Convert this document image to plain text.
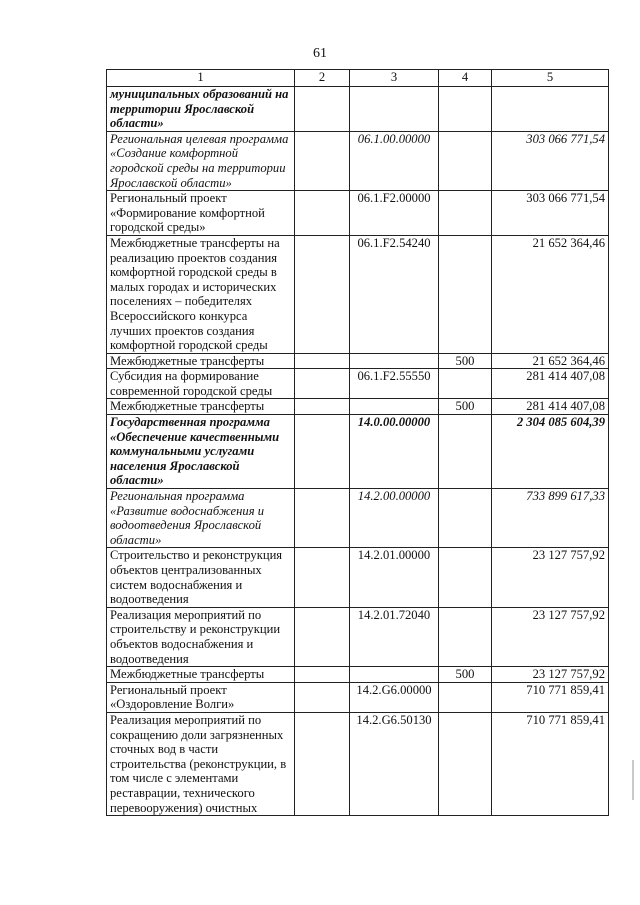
61
1	2	3	4	5
муниципальных образований на территории Ярославской области»				
Региональная целевая программа «Создание комфортной городской среды на территории Ярославской области»		06.1.00.00000		303 066 771,54
Региональный проект «Формирование комфортной городской среды»		06.1.F2.00000		303 066 771,54
Межбюджетные трансферты на реализацию проектов создания комфортной городской среды в малых городах и исторических поселениях – победителях Всероссийского конкурса лучших проектов создания комфортной городской среды		06.1.F2.54240		21 652 364,46
Межбюджетные трансферты			500	21 652 364,46
Субсидия на формирование современной городской среды		06.1.F2.55550		281 414 407,08
Межбюджетные трансферты			500	281 414 407,08
Государственная программа «Обеспечение качественными коммунальными услугами населения Ярославской области»		14.0.00.00000		2 304 085 604,39
Региональная программа «Развитие водоснабжения и водоотведения Ярославской области»		14.2.00.00000		733 899 617,33
Строительство и реконструкция объектов централизованных систем водоснабжения и водоотведения		14.2.01.00000		23 127 757,92
Реализация мероприятий по строительству и реконструкции объектов водоснабжения и водоотведения		14.2.01.72040		23 127 757,92
Межбюджетные трансферты			500	23 127 757,92
Региональный проект «Оздоровление Волги»		14.2.G6.00000		710 771 859,41
Реализация мероприятий по сокращению доли загрязненных сточных вод в части строительства (реконструкции, в том числе с элементами реставрации, технического перевооружения) очистных		14.2.G6.50130		710 771 859,41
